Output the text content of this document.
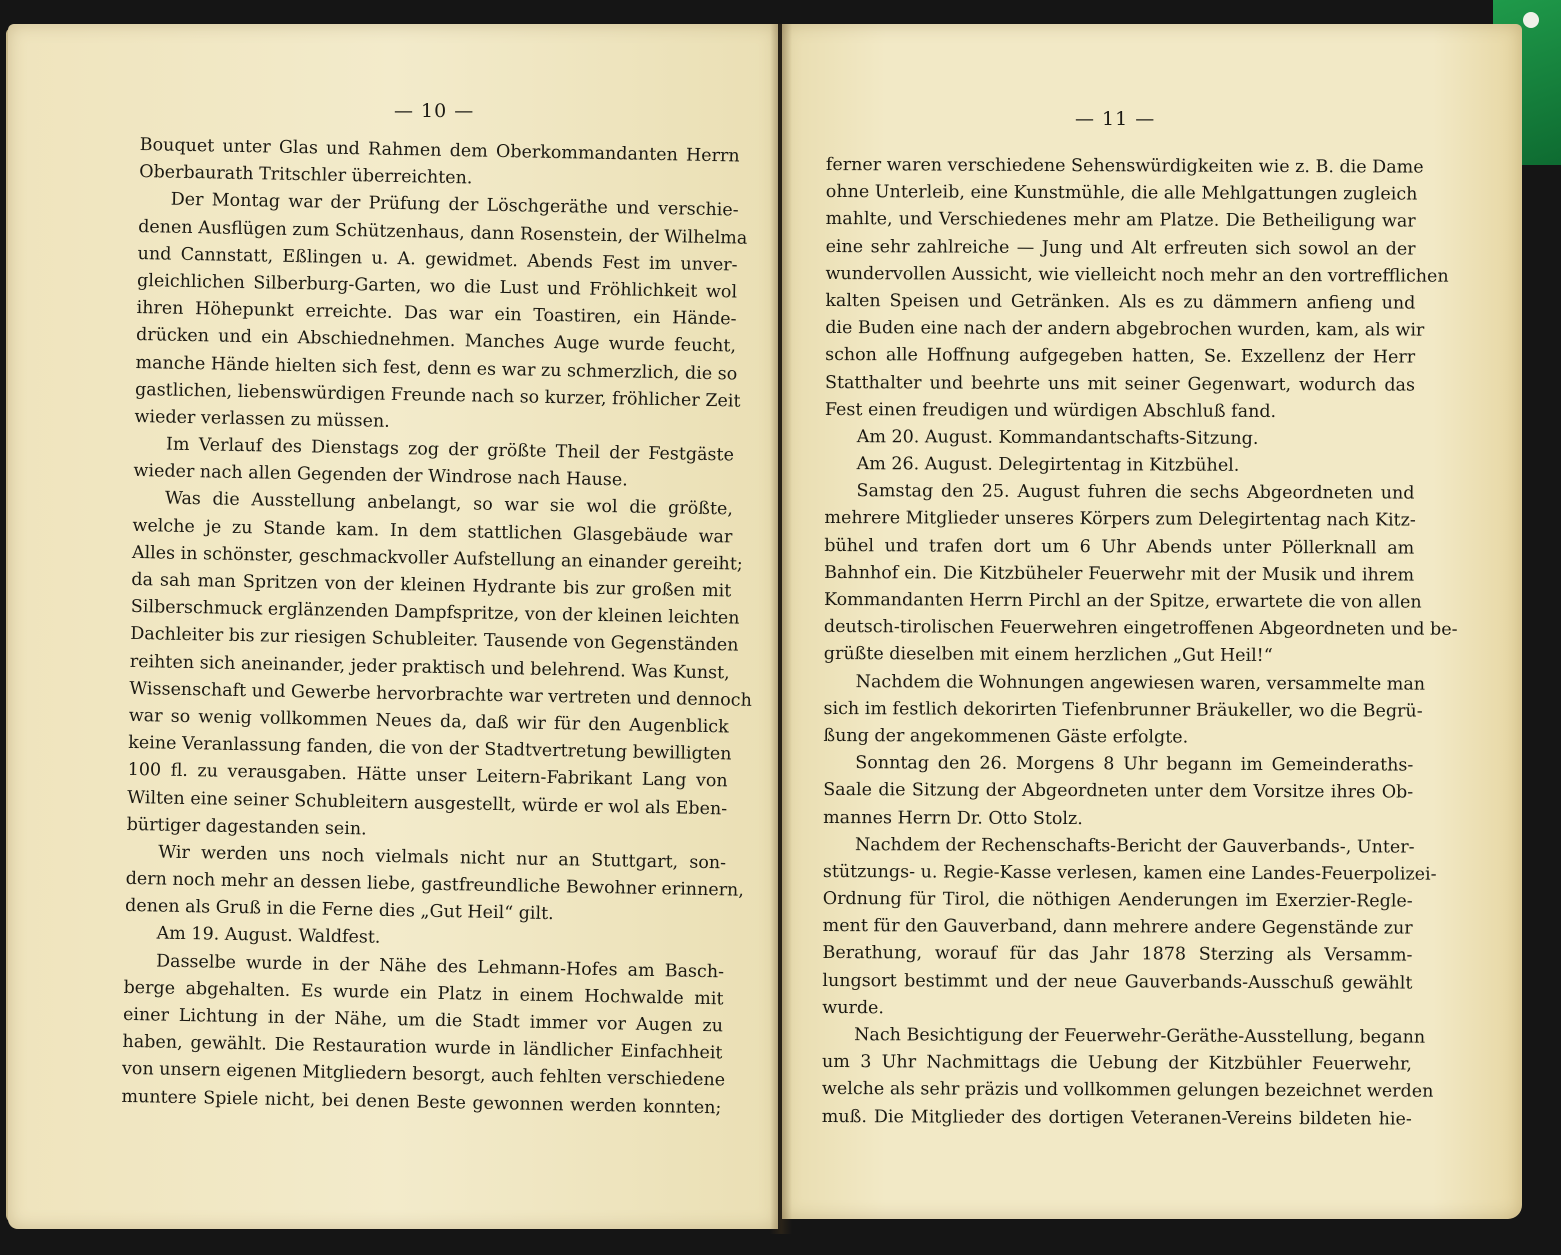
— 10 —	— 11 —
Bouquet unter Glas und Rahmen dem Oberkommandanten Herrn
Oberbaurath Tritschler überreichten.
Der Montag war der Prüfung der Löschgeräthe und verschie-
denen Ausflügen zum Schützenhaus, dann Rosenstein, der Wilhelma
und Cannstatt, Eßlingen u. A. gewidmet. Abends Fest im unver-
gleichlichen Silberburg-Garten, wo die Lust und Fröhlichkeit wol
ihren Höhepunkt erreichte. Das war ein Toastiren, ein Hände-
drücken und ein Abschiednehmen. Manches Auge wurde feucht,
manche Hände hielten sich fest, denn es war zu schmerzlich, die so
gastlichen, liebenswürdigen Freunde nach so kurzer, fröhlicher Zeit
wieder verlassen zu müssen.
Im Verlauf des Dienstags zog der größte Theil der Festgäste
wieder nach allen Gegenden der Windrose nach Hause.
Was die Ausstellung anbelangt, so war sie wol die größte,
welche je zu Stande kam. In dem stattlichen Glasgebäude war
Alles in schönster, geschmackvoller Aufstellung an einander gereiht;
da sah man Spritzen von der kleinen Hydrante bis zur großen mit
Silberschmuck erglänzenden Dampfspritze, von der kleinen leichten
Dachleiter bis zur riesigen Schubleiter. Tausende von Gegenständen
reihten sich aneinander, jeder praktisch und belehrend. Was Kunst,
Wissenschaft und Gewerbe hervorbrachte war vertreten und dennoch
war so wenig vollkommen Neues da, daß wir für den Augenblick
keine Veranlassung fanden, die von der Stadtvertretung bewilligten
100 fl. zu verausgaben. Hätte unser Leitern-Fabrikant Lang von
Wilten eine seiner Schubleitern ausgestellt, würde er wol als Eben-
bürtiger dagestanden sein.
Wir werden uns noch vielmals nicht nur an Stuttgart, son-
dern noch mehr an dessen liebe, gastfreundliche Bewohner erinnern,
denen als Gruß in die Ferne dies „Gut Heil“ gilt.
Am 19. August. Waldfest.
Dasselbe wurde in der Nähe des Lehmann-Hofes am Basch-
berge abgehalten. Es wurde ein Platz in einem Hochwalde mit
einer Lichtung in der Nähe, um die Stadt immer vor Augen zu
haben, gewählt. Die Restauration wurde in ländlicher Einfachheit
von unsern eigenen Mitgliedern besorgt, auch fehlten verschiedene
muntere Spiele nicht, bei denen Beste gewonnen werden konnten;
ferner waren verschiedene Sehenswürdigkeiten wie z. B. die Dame
ohne Unterleib, eine Kunstmühle, die alle Mehlgattungen zugleich
mahlte, und Verschiedenes mehr am Platze. Die Betheiligung war
eine sehr zahlreiche — Jung und Alt erfreuten sich sowol an der
wundervollen Aussicht, wie vielleicht noch mehr an den vortrefflichen
kalten Speisen und Getränken. Als es zu dämmern anfieng und
die Buden eine nach der andern abgebrochen wurden, kam, als wir
schon alle Hoffnung aufgegeben hatten, Se. Exzellenz der Herr
Statthalter und beehrte uns mit seiner Gegenwart, wodurch das
Fest einen freudigen und würdigen Abschluß fand.
Am 20. August. Kommandantschafts-Sitzung.
Am 26. August. Delegirtentag in Kitzbühel.
Samstag den 25. August fuhren die sechs Abgeordneten und
mehrere Mitglieder unseres Körpers zum Delegirtentag nach Kitz-
bühel und trafen dort um 6 Uhr Abends unter Pöllerknall am
Bahnhof ein. Die Kitzbüheler Feuerwehr mit der Musik und ihrem
Kommandanten Herrn Pirchl an der Spitze, erwartete die von allen
deutsch-tirolischen Feuerwehren eingetroffenen Abgeordneten und be-
grüßte dieselben mit einem herzlichen „Gut Heil!“
Nachdem die Wohnungen angewiesen waren, versammelte man
sich im festlich dekorirten Tiefenbrunner Bräukeller, wo die Begrü-
ßung der angekommenen Gäste erfolgte.
Sonntag den 26. Morgens 8 Uhr begann im Gemeinderaths-
Saale die Sitzung der Abgeordneten unter dem Vorsitze ihres Ob-
mannes Herrn Dr. Otto Stolz.
Nachdem der Rechenschafts-Bericht der Gauverbands-, Unter-
stützungs- u. Regie-Kasse verlesen, kamen eine Landes-Feuerpolizei-
Ordnung für Tirol, die nöthigen Aenderungen im Exerzier-Regle-
ment für den Gauverband, dann mehrere andere Gegenstände zur
Berathung, worauf für das Jahr 1878 Sterzing als Versamm-
lungsort bestimmt und der neue Gauverbands-Ausschuß gewählt
wurde.
Nach Besichtigung der Feuerwehr-Geräthe-Ausstellung, begann
um 3 Uhr Nachmittags die Uebung der Kitzbühler Feuerwehr,
welche als sehr präzis und vollkommen gelungen bezeichnet werden
muß. Die Mitglieder des dortigen Veteranen-Vereins bildeten hie-
